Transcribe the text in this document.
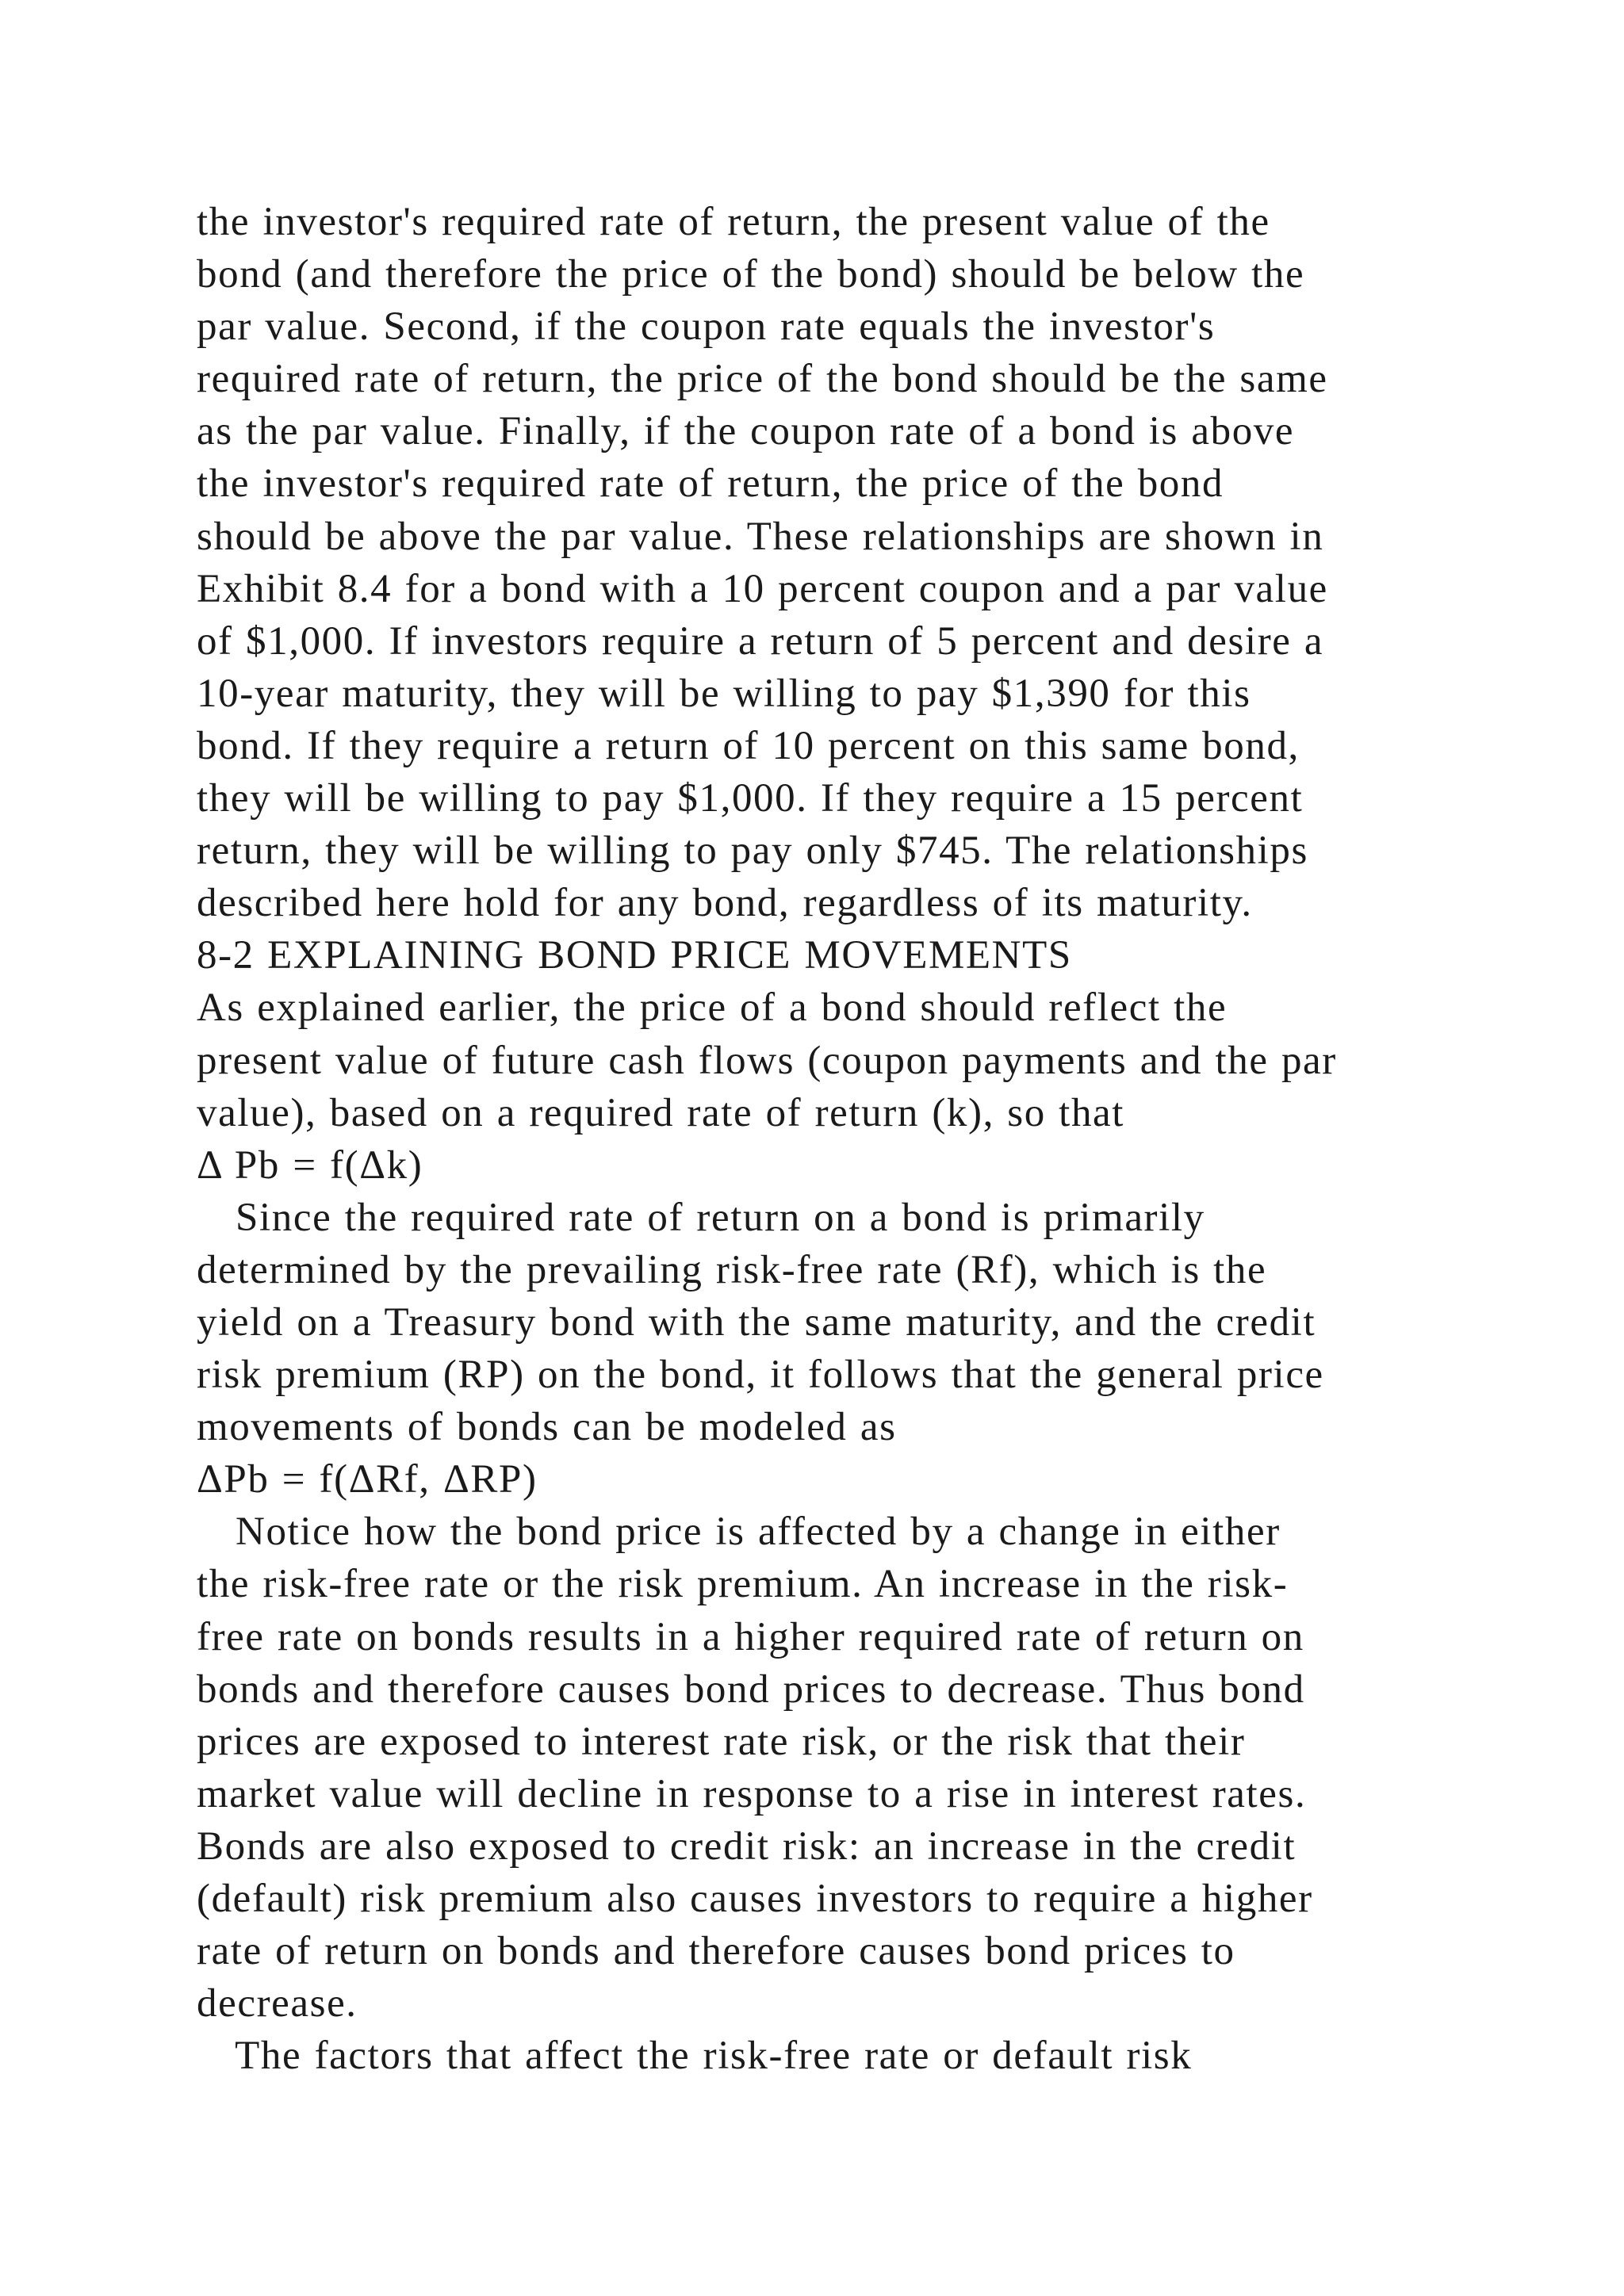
the investor's required rate of return, the present value of the
bond (and therefore the price of the bond) should be below the
par value. Second, if the coupon rate equals the investor's
required rate of return, the price of the bond should be the same
as the par value. Finally, if the coupon rate of a bond is above
the investor's required rate of return, the price of the bond
should be above the par value. These relationships are shown in
Exhibit 8.4 for a bond with a 10 percent coupon and a par value
of $1,000. If investors require a return of 5 percent and desire a
10-year maturity, they will be willing to pay $1,390 for this
bond. If they require a return of 10 percent on this same bond,
they will be willing to pay $1,000. If they require a 15 percent
return, they will be willing to pay only $745. The relationships
described here hold for any bond, regardless of its maturity.
8-2 EXPLAINING BOND PRICE MOVEMENTS
As explained earlier, the price of a bond should reflect the
present value of future cash flows (coupon payments and the par
value), based on a required rate of return (k), so that
Δ Pb = f(Δk)
Since the required rate of return on a bond is primarily
determined by the prevailing risk-free rate (Rf), which is the
yield on a Treasury bond with the same maturity, and the credit
risk premium (RP) on the bond, it follows that the general price
movements of bonds can be modeled as
ΔPb = f(ΔRf, ΔRP)
Notice how the bond price is affected by a change in either
the risk-free rate or the risk premium. An increase in the risk-
free rate on bonds results in a higher required rate of return on
bonds and therefore causes bond prices to decrease. Thus bond
prices are exposed to interest rate risk, or the risk that their
market value will decline in response to a rise in interest rates.
Bonds are also exposed to credit risk: an increase in the credit
(default) risk premium also causes investors to require a higher
rate of return on bonds and therefore causes bond prices to
decrease.
The factors that affect the risk-free rate or default risk
